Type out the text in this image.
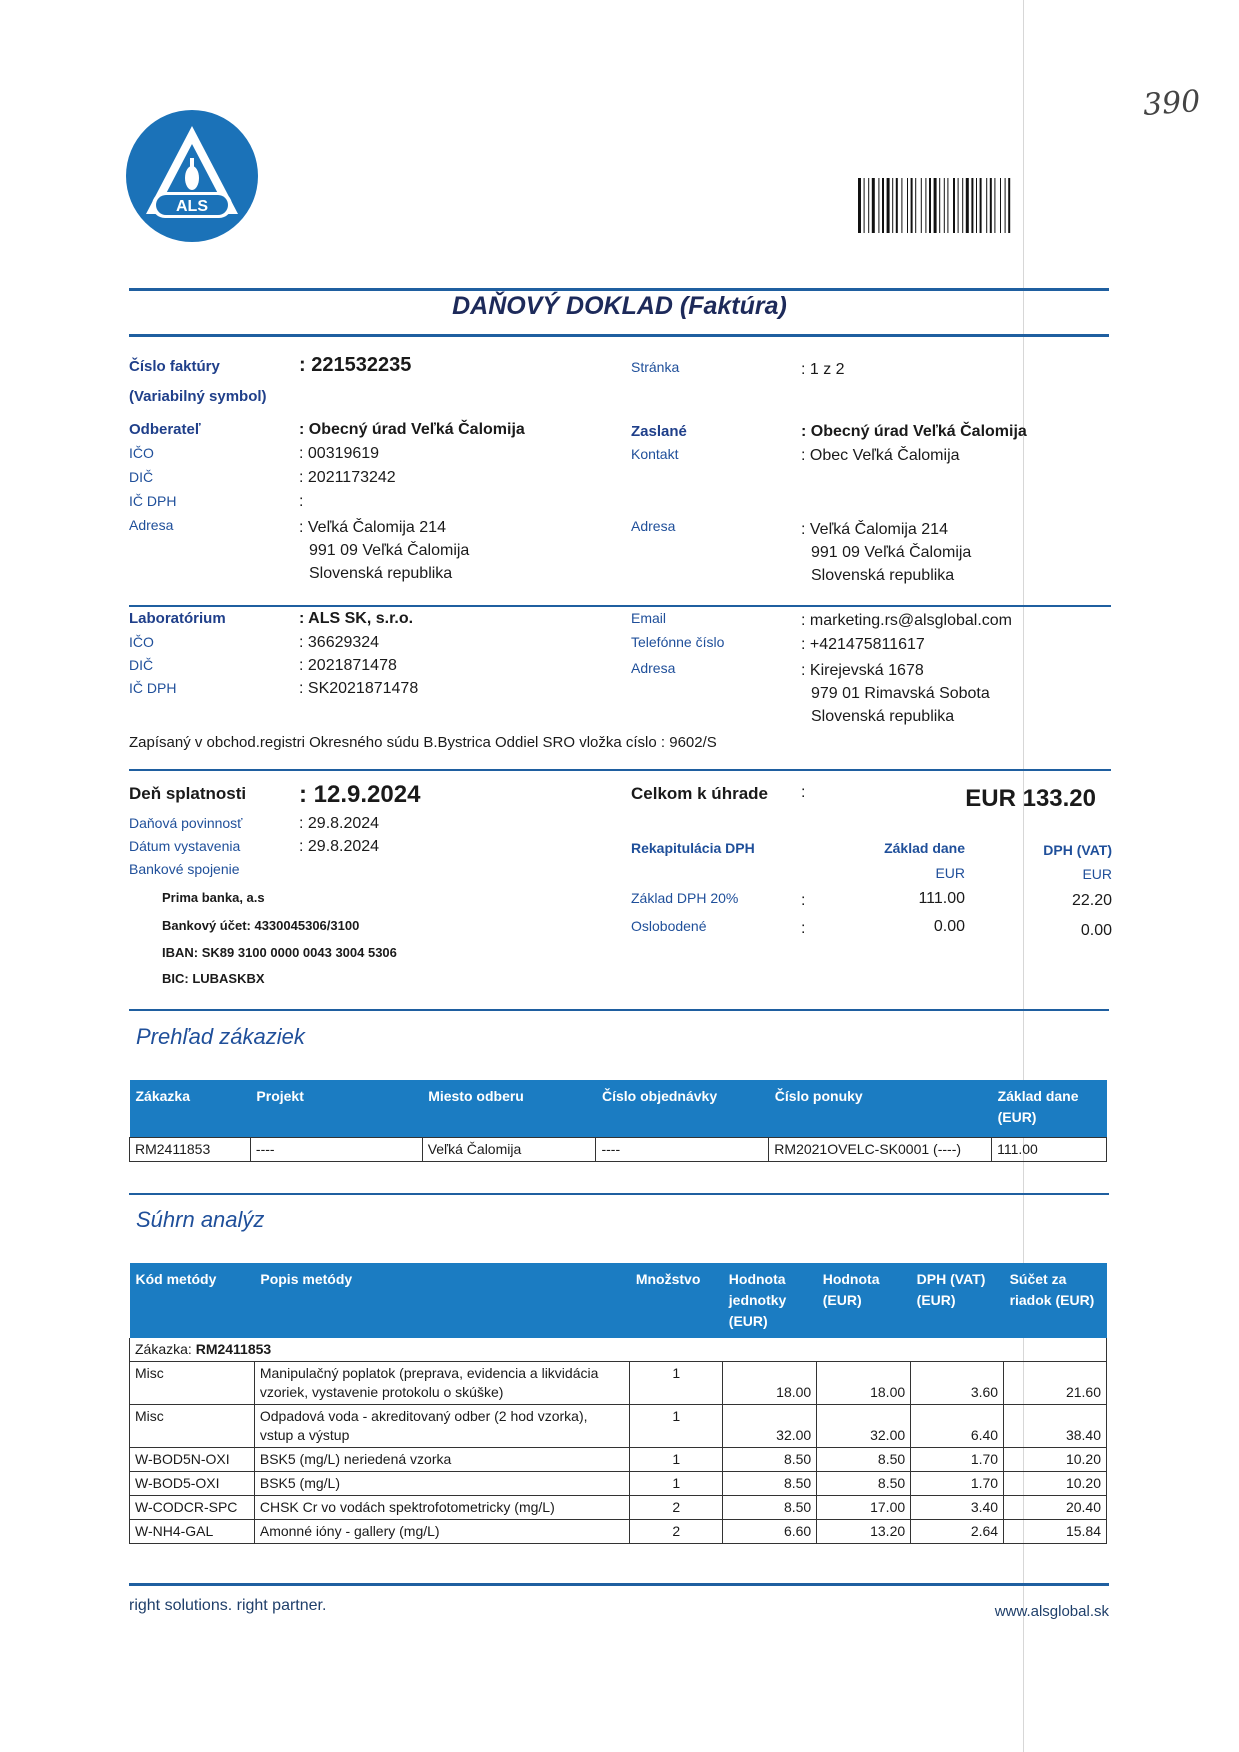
390
ALS
DAŇOVÝ DOKLAD (Faktúra)
Číslo faktúry
(Variabilný symbol)
: 221532235	Stránka	: 1 z 2
Odberateľ	: Obecný úrad Veľká Čalomija
IČO	: 00319619
DIČ	: 2021173242
IČ DPH	:
Adresa	: Veľká Čalomija 214
991 09 Veľká Čalomija
Slovenská republika
Zaslané	: Obecný úrad Veľká Čalomija
Kontakt	: Obec Veľká Čalomija
Adresa	: Veľká Čalomija 214
991 09 Veľká Čalomija
Slovenská republika
Laboratórium	: ALS SK, s.r.o.
IČO	: 36629324
DIČ	: 2021871478
IČ DPH	: SK2021871478
Email	: marketing.rs@alsglobal.com
Telefónne číslo	: +421475811617
Adresa	: Kirejevská 1678
979 01 Rimavská Sobota
Slovenská republika
Zapísaný v obchod.registri Okresného súdu B.Bystrica Oddiel SRO vložka císlo : 9602/S
Deň splatnosti : 12.9.2024
Daňová povinnosť	: 29.8.2024
Dátum vystavenia	: 29.8.2024
Bankové spojenie
Prima banka, a.s
Bankový účet: 4330045306/3100
IBAN: SK89 3100 0000 0043 3004 5306
BIC: LUBASKBX
Celkom k úhrade :	EUR 133.20
Rekapitulácia DPH	Základ dane	DPH (VAT)
EUR	EUR
Základ DPH 20%	:	111.00	22.20
Oslobodené	:	0.00	0.00
Prehľad zákaziek
Zákazka	Projekt	Miesto odberu	Číslo objednávky	Číslo ponuky	Základ dane (EUR)
RM2411853	----	Veľká Čalomija	----	RM2021OVELC-SK0001 (----)	111.00
Súhrn analýz
Kód metódy	Popis metódy	Množstvo	Hodnota jednotky (EUR)	Hodnota (EUR)	DPH (VAT) (EUR)	Súčet za riadok (EUR)
Zákazka: RM2411853						
Misc	Manipulačný poplatok (preprava, evidencia a likvidácia vzoriek, vystavenie protokolu o skúške)	1	18.00	18.00	3.60	21.60
Misc	Odpadová voda - akreditovaný odber (2 hod vzorka), vstup a výstup	1	32.00	32.00	6.40	38.40
W-BOD5N-OXI	BSK5 (mg/L) neriedená vzorka	1	8.50	8.50	1.70	10.20
W-BOD5-OXI	BSK5 (mg/L)	1	8.50	8.50	1.70	10.20
W-CODCR-SPC	CHSK Cr vo vodách spektrofotometricky (mg/L)	2	8.50	17.00	3.40	20.40
W-NH4-GAL	Amonné ióny - gallery (mg/L)	2	6.60	13.20	2.64	15.84
right solutions. right partner.	www.alsglobal.sk
